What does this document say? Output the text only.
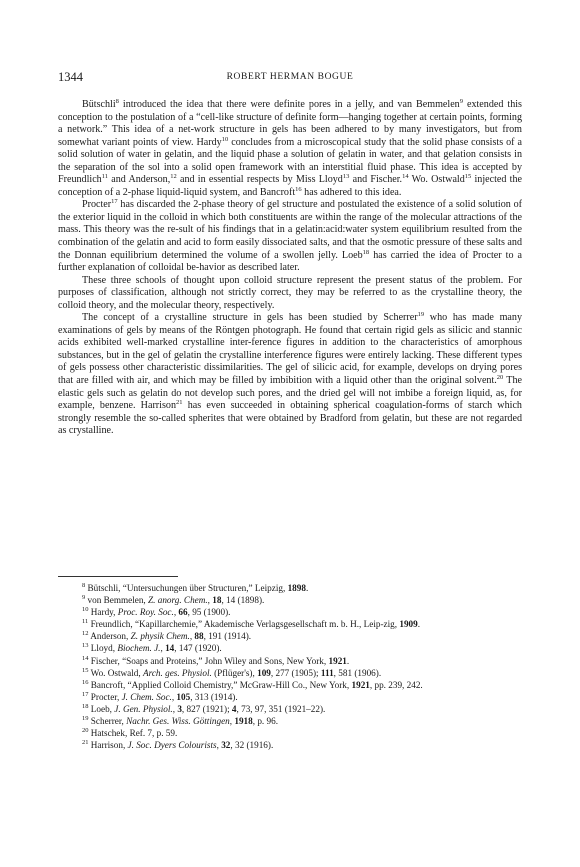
1344	ROBERT HERMAN BOGUE

Bütschli$^8$ introduced the idea that there were definite pores in a jelly, and van Bemmelen$^9$ extended this conception to the postulation of a “cell-like structure of definite form—hanging together at certain points, forming a network.” This idea of a net-work structure in gels has been adhered to by many investigators, but from somewhat variant points of view. Hardy$^{10}$ concludes from a microscopical study that the solid phase consists of a solid solution of water in gelatin, and the liquid phase a solution of gelatin in water, and that gelation consists in the separation of the sol into a solid open framework with an interstitial fluid phase. This idea is accepted by Freundlich$^{11}$ and Anderson,$^{12}$ and in essential respects by Miss Lloyd$^{13}$ and Fischer.$^{14}$ Wo. Ostwald$^{15}$ injected the conception of a 2-phase liquid-liquid system, and Bancroft$^{16}$ has adhered to this idea.

Procter$^{17}$ has discarded the 2-phase theory of gel structure and postulated the existence of a solid solution of the exterior liquid in the colloid in which both constituents are within the range of the molecular attractions of the mass. This theory was the re-sult of his findings that in a gelatin:acid:water system equilibrium resulted from the combination of the gelatin and acid to form easily dissociated salts, and that the osmotic pressure of these salts and the Donnan equilibrium determined the volume of a swollen jelly. Loeb$^{18}$ has carried the idea of Procter to a further explanation of colloidal be-havior as described later.

These three schools of thought upon colloid structure represent the present status of the problem. For purposes of classification, although not strictly correct, they may be referred to as the crystalline theory, the colloid theory, and the molecular theory, respectively.

The concept of a crystalline structure in gels has been studied by Scherrer$^{19}$ who has made many examinations of gels by means of the Röntgen photograph. He found that certain rigid gels as silicic and stannic acids exhibited well-marked crystalline inter-ference figures in addition to the characteristics of amorphous substances, but in the gel of gelatin the crystalline interference figures were entirely lacking. These different types of gels possess other characteristic dissimilarities. The gel of silicic acid, for example, develops on drying pores that are filled with air, and which may be filled by imbibition with a liquid other than the original solvent.$^{20}$ The elastic gels such as gelatin do not develop such pores, and the dried gel will not imbibe a foreign liquid, as, for example, benzene. Harrison$^{21}$ has even succeeded in obtaining spherical coagulation-forms of starch which strongly resemble the so-called spherites that were obtained by Bradford from gelatin, but these are not regarded as crystalline.

$^8$ Bütschli, “Untersuchungen über Structuren,” Leipzig, 1898.
$^9$ von Bemmelen, Z. anorg. Chem., 18, 14 (1898).
$^{10}$ Hardy, Proc. Roy. Soc., 66, 95 (1900).
$^{11}$ Freundlich, “Kapillarchemie,” Akademische Verlagsgesellschaft m. b. H., Leip-zig, 1909.
$^{12}$ Anderson, Z. physik Chem., 88, 191 (1914).
$^{13}$ Lloyd, Biochem. J., 14, 147 (1920).
$^{14}$ Fischer, “Soaps and Proteins,” John Wiley and Sons, New York, 1921.
$^{15}$ Wo. Ostwald, Arch. ges. Physiol. (Pflüger's), 109, 277 (1905); 111, 581 (1906).
$^{16}$ Bancroft, “Applied Colloid Chemistry,” McGraw-Hill Co., New York, 1921, pp. 239, 242.
$^{17}$ Procter, J. Chem. Soc., 105, 313 (1914).
$^{18}$ Loeb, J. Gen. Physiol., 3, 827 (1921); 4, 73, 97, 351 (1921–22).
$^{19}$ Scherrer, Nachr. Ges. Wiss. Göttingen, 1918, p. 96.
$^{20}$ Hatschek, Ref. 7, p. 59.
$^{21}$ Harrison, J. Soc. Dyers Colourists, 32, 32 (1916).
